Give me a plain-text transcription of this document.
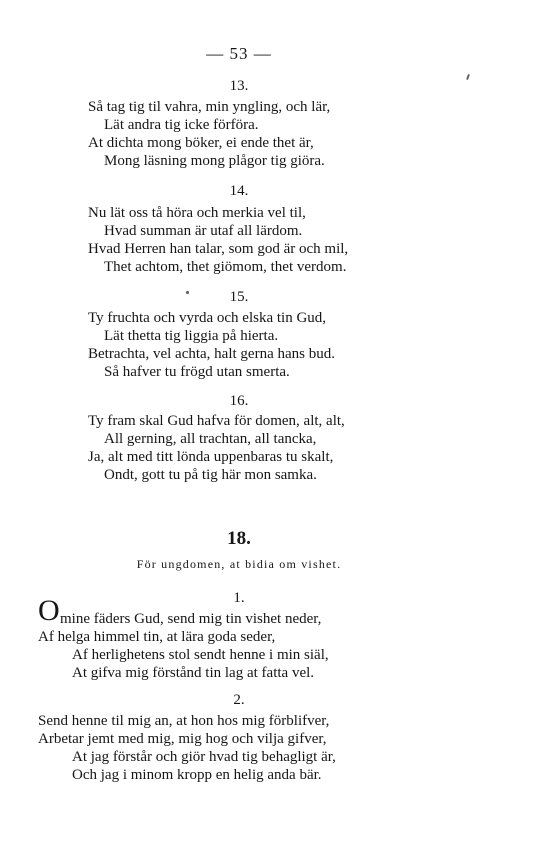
— 53 —
13.
Så tag tig til vahra, min yngling, och lär,
Lät andra tig icke förföra.
At dichta mong böker, ei ende thet är,
Mong läsning mong plågor tig giöra.
14.
Nu lät oss tå höra och merkia vel til,
Hvad summan är utaf all lärdom.
Hvad Herren han talar, som god är och mil,
Thet achtom, thet giömom, thet verdom.
15.
Ty fruchta och vyrda och elska tin Gud,
Lät thetta tig liggia på hierta.
Betrachta, vel achta, halt gerna hans bud.
Så hafver tu frögd utan smerta.
16.
Ty fram skal Gud hafva för domen, alt, alt,
All gerning, all trachtan, all tancka,
Ja, alt med titt lönda uppenbaras tu skalt,
Ondt, gott tu på tig här mon samka.
18.
För ungdomen, at bidia om vishet.
1.
O mine fäders Gud, send mig tin vishet neder,
Af helga himmel tin, at lära goda seder,
Af herlighetens stol sendt henne i min siäl,
At gifva mig förstånd tin lag at fatta vel.
2.
Send henne til mig an, at hon hos mig förblifver,
Arbetar jemt med mig, mig hog och vilja gifver,
At jag förstår och giör hvad tig behagligt är,
Och jag i minom kropp en helig anda bär.
